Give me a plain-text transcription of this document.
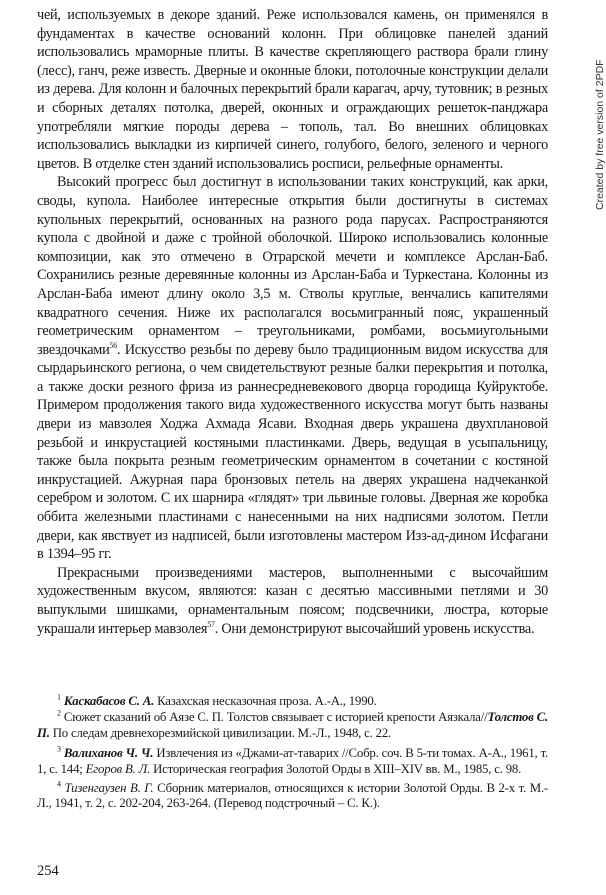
чей, используемых в декоре зданий. Реже использовался камень, он применялся в фундаментах в качестве оснований колонн. При облицовке панелей зданий использовались мраморные плиты. В качестве скрепляющего раствора брали глину (лесс), ганч, реже известь. Дверные и оконные блоки, потолочные конструкции делали из дерева. Для колонн и балочных перекрытий брали карагач, арчу, тутовник; в резных и сборных деталях потолка, дверей, оконных и ограждающих решеток-панджара употребляли мягкие породы дерева – тополь, тал. Во внешних облицовках использовались выкладки из кирпичей синего, голубого, белого, зеленого и черного цветов. В отделке стен зданий использовались росписи, рельефные орнаменты.

Высокий прогресс был достигнут в использовании таких конструкций, как арки, своды, купола. Наиболее интересные открытия были достигнуты в системах купольных перекрытий, основанных на разного рода парусах. Распространяются купола с двойной и даже с тройной оболочкой. Широко использовались колонные композиции, как это отмечено в Отрарской мечети и комплексе Арслан-Баб. Сохранились резные деревянные колонны из Арслан-Баба и Туркестана. Колонны из Арслан-Баба имеют длину около 3,5 м. Стволы круглые, венчались капителями квадратного сечения. Ниже их располагался восьмигранный пояс, украшенный геометрическим орнаментом – треугольниками, ромбами, восьмиугольными звездочками$^{56}$. Искусство резьбы по дереву было традиционным видом искусства для сырдарьинского региона, о чем свидетельствуют резные балки перекрытия и потолка, а также доски резного фриза из раннесредневекового дворца городища Куйруктобе. Примером продолжения такого вида художественного искусства могут быть названы двери из мавзолея Ходжа Ахмада Ясави. Входная дверь украшена двухплановой резьбой и инкрустацией костяными пластинками. Дверь, ведущая в усыпальницу, также была покрыта резным геометрическим орнаментом в сочетании с костяной инкрустацией. Ажурная пара бронзовых петель на дверях украшена надчеканкой серебром и золотом. С их шарнира «глядят» три львиные головы. Дверная же коробка оббита железными пластинами с нанесенными на них надписями золотом. Петли двери, как явствует из надписей, были изготовлены мастером Изз-ад-дином Исфагани в 1394–95 гг.

Прекрасными произведениями мастеров, выполненными с высочайшим художественным вкусом, являются: казан с десятью массивными петлями и 30 выпуклыми шишками, орнаментальным поясом; подсвечники, люстра, которые украшали интерьер мавзолея$^{57}$. Они демонстрируют высочайший уровень искусства.

$^1$ Каскабасов С. А. Казахская несказочная проза. А.-А., 1990.

$^2$ Сюжет сказаний об Аязе С. П. Толстов связывает с историей крепости Аязкала//Толстов С. П. По следам древнехорезмийской цивилизации. М.-Л., 1948, с. 22.

$^3$ Валиханов Ч. Ч. Извлечения из «Джами-ат-таварих //Собр. соч. В 5-ти томах. А-А., 1961, т. 1, с. 144; Егоров В. Л. Историческая география Золотой Орды в XIII–XIV вв. М., 1985, с. 98.

$^4$ Тизенгаузен В. Г. Сборник материалов, относящихся к истории Золотой Орды. В 2-х т. М.-Л., 1941, т. 2, с. 202-204, 263-264. (Перевод подстрочный – С. К.).

254
Created by free version of 2PDF
